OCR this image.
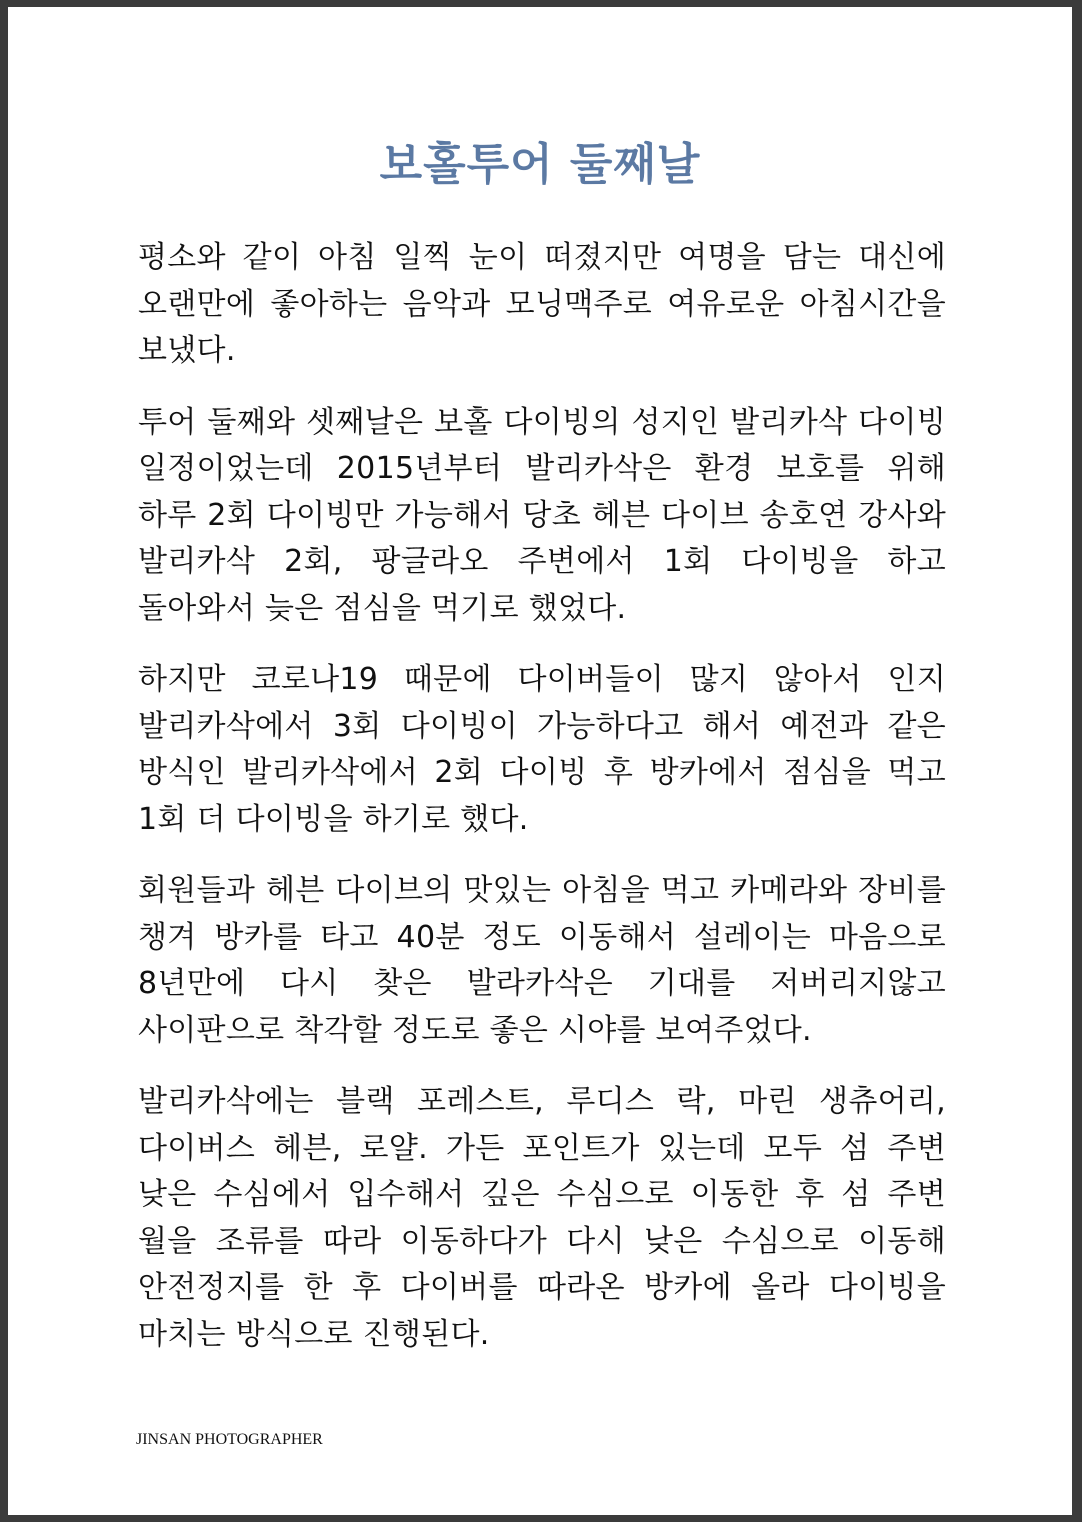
보홀투어 둘째날

평소와 같이 아침 일찍 눈이 떠졌지만 여명을 담는 대신에 오랜만에 좋아하는 음악과 모닝맥주로 여유로운 아침시간을 보냈다.

투어 둘째와 셋째날은 보홀 다이빙의 성지인 발리카삭 다이빙 일정이었는데 2015년부터 발리카삭은 환경 보호를 위해 하루 2회 다이빙만 가능해서 당초 헤븐 다이브 송호연 강사와 발리카삭 2회, 팡글라오 주변에서 1회 다이빙을 하고 돌아와서 늦은 점심을 먹기로 했었다.

하지만 코로나19 때문에 다이버들이 많지 않아서 인지 발리카삭에서 3회 다이빙이 가능하다고 해서 예전과 같은 방식인 발리카삭에서 2회 다이빙 후 방카에서 점심을 먹고 1회 더 다이빙을 하기로 했다.

회원들과 헤븐 다이브의 맛있는 아침을 먹고 카메라와 장비를 챙겨 방카를 타고 40분 정도 이동해서 설레이는 마음으로 8년만에 다시 찾은 발라카삭은 기대를 저버리지않고 사이판으로 착각할 정도로 좋은 시야를 보여주었다.

발리카삭에는 블랙 포레스트, 루디스 락, 마린 생츄어리, 다이버스 헤븐, 로얄. 가든 포인트가 있는데 모두 섬 주변 낮은 수심에서 입수해서 깊은 수심으로 이동한 후 섬 주변 월을 조류를 따라 이동하다가 다시 낮은 수심으로 이동해 안전정지를 한 후 다이버를 따라온 방카에 올라 다이빙을 마치는 방식으로 진행된다.

JINSAN PHOTOGRAPHER
